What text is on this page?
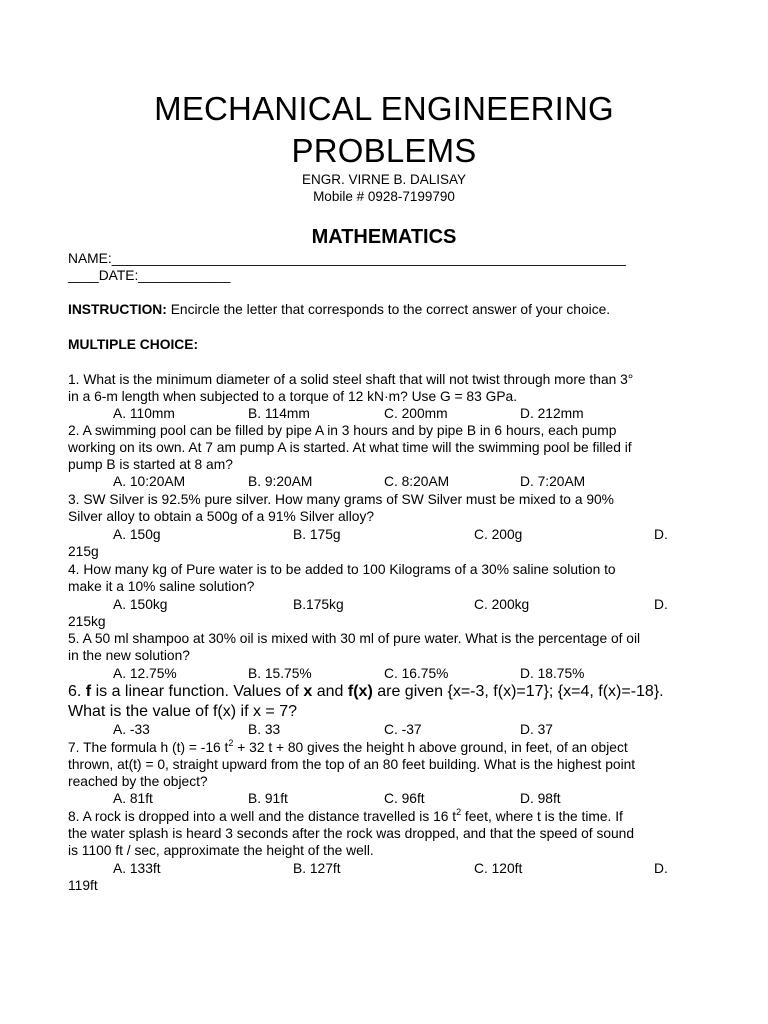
MECHANICAL ENGINEERING
PROBLEMS
ENGR. VIRNE B. DALISAY
Mobile # 0928-7199790
MATHEMATICS
NAME:___________________________________________________________________
____DATE:____________
INSTRUCTION: Encircle the letter that corresponds to the correct answer of your choice.
MULTIPLE CHOICE:
1. What is the minimum diameter of a solid steel shaft that will not twist through more than 3°
in a 6-m length when subjected to a torque of 12 kN·m? Use G = 83 GPa.
A. 110mm	B. 114mm	C. 200mm	D. 212mm
2. A swimming pool can be filled by pipe A in 3 hours and by pipe B in 6 hours, each pump
working on its own. At 7 am pump A is started. At what time will the swimming pool be filled if
pump B is started at 8 am?
A. 10:20AM	B. 9:20AM	C. 8:20AM	D. 7:20AM
3. SW Silver is 92.5% pure silver. How many grams of SW Silver must be mixed to a 90%
Silver alloy to obtain a 500g of a 91% Silver alloy?
A. 150g	B. 175g	C. 200g	D.
215g
4. How many kg of Pure water is to be added to 100 Kilograms of a 30% saline solution to
make it a 10% saline solution?
A. 150kg	B.175kg	C. 200kg	D.
215kg
5. A 50 ml shampoo at 30% oil is mixed with 30 ml of pure water. What is the percentage of oil
in the new solution?
A. 12.75%	B. 15.75%	C. 16.75%	D. 18.75%
6. f is a linear function. Values of x and f(x) are given {x=-3, f(x)=17}; {x=4, f(x)=-18}.
What is the value of f(x) if x = 7?
A. -33	B. 33	C. -37	D. 37
7. The formula h (t) = -16 $t^2 + 32$ t + 80 gives the height h above ground, in feet, of an object
thrown, at(t) = 0, straight upward from the top of an 80 feet building. What is the highest point
reached by the object?
A. 81ft	B. 91ft	C. 96ft	D. 98ft
8. A rock is dropped into a well and the distance travelled is 16 $t^2$ feet, where t is the time. If
the water splash is heard 3 seconds after the rock was dropped, and that the speed of sound
is 1100 ft / sec, approximate the height of the well.
A. 133ft	B. 127ft	C. 120ft	D.
119ft
